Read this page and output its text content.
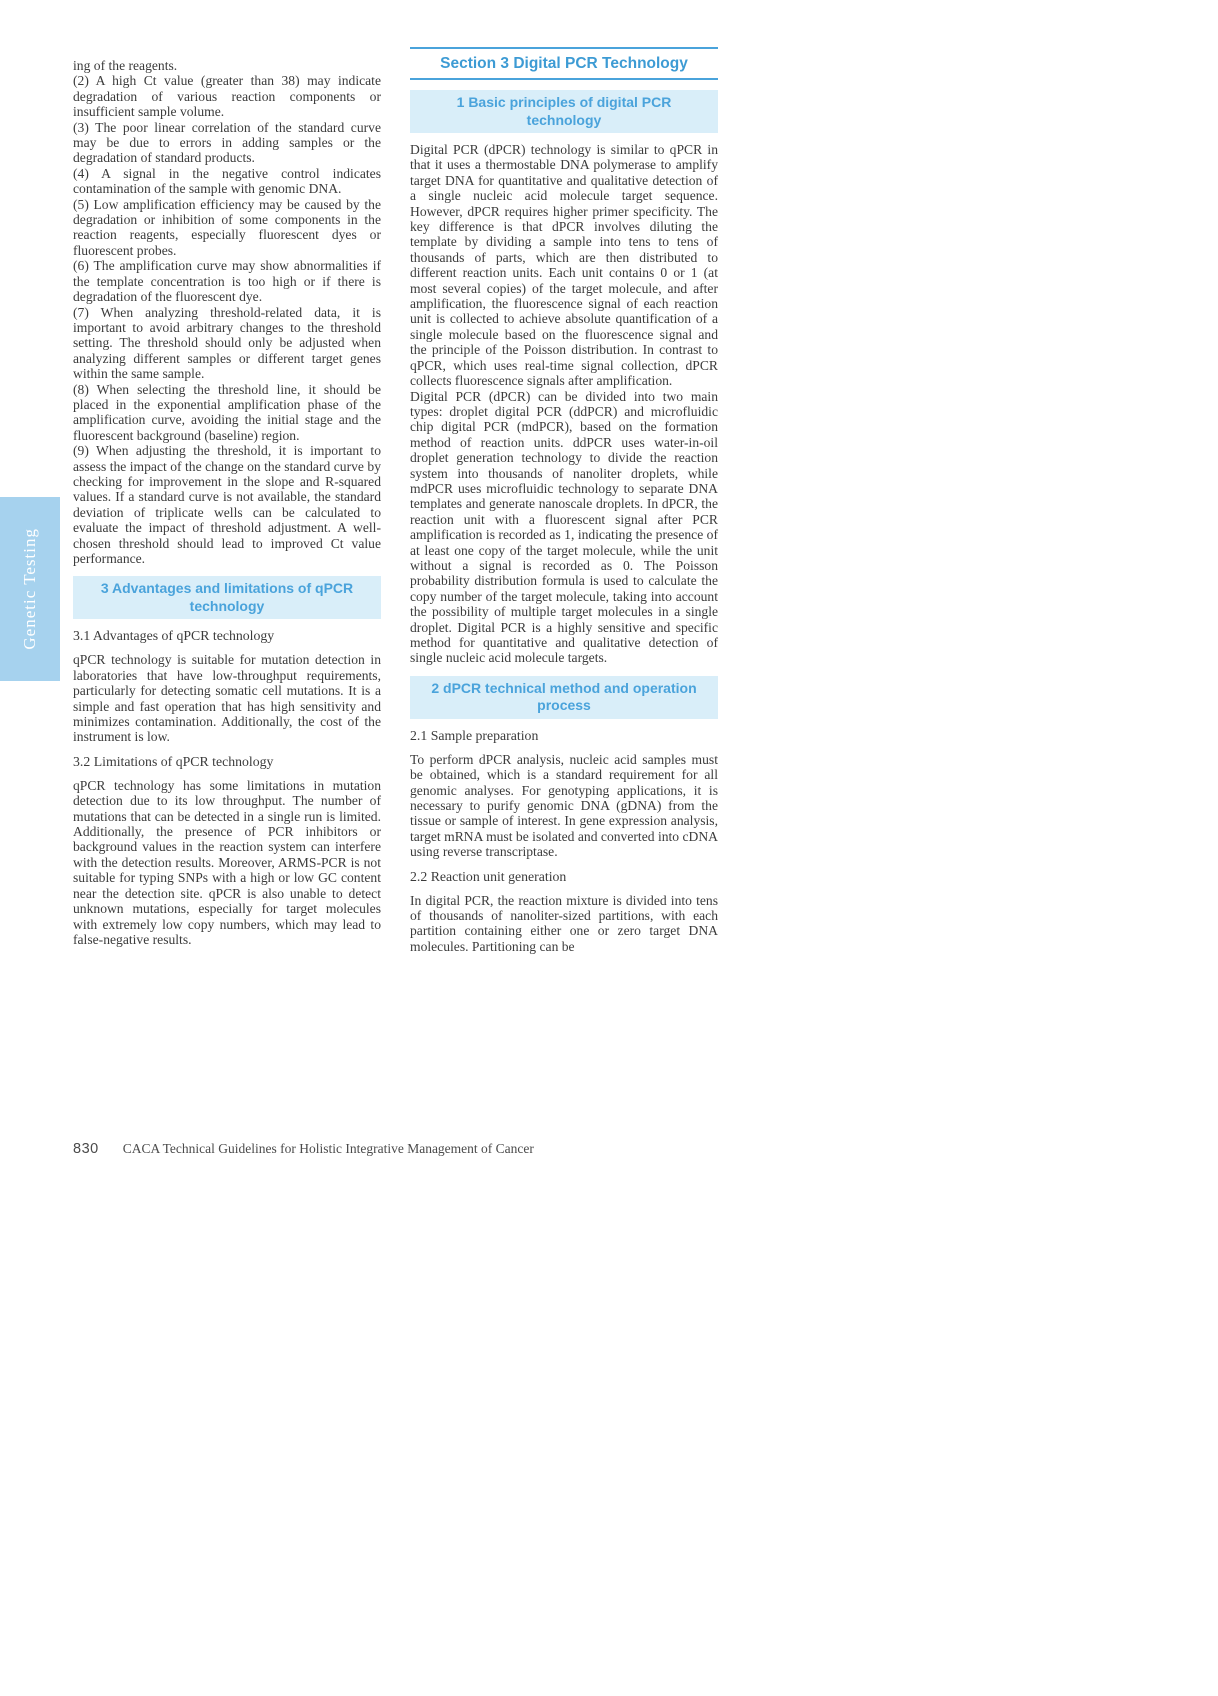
Genetic Testing

ing of the reagents.

(2) A high Ct value (greater than 38) may indicate degradation of various reaction components or insufficient sample volume.

(3) The poor linear correlation of the standard curve may be due to errors in adding samples or the degradation of standard products.

(4) A signal in the negative control indicates contamination of the sample with genomic DNA.

(5) Low amplification efficiency may be caused by the degradation or inhibition of some components in the reaction reagents, especially fluorescent dyes or fluorescent probes.

(6) The amplification curve may show abnormalities if the template concentration is too high or if there is degradation of the fluorescent dye.

(7) When analyzing threshold-related data, it is important to avoid arbitrary changes to the threshold setting. The threshold should only be adjusted when analyzing different samples or different target genes within the same sample.

(8) When selecting the threshold line, it should be placed in the exponential amplification phase of the amplification curve, avoiding the initial stage and the fluorescent background (baseline) region.

(9) When adjusting the threshold, it is important to assess the impact of the change on the standard curve by checking for improvement in the slope and R-squared values. If a standard curve is not available, the standard deviation of triplicate wells can be calculated to evaluate the impact of threshold adjustment. A well-chosen threshold should lead to improved Ct value performance.

3 Advantages and limitations of qPCR technology

3.1 Advantages of qPCR technology

qPCR technology is suitable for mutation detection in laboratories that have low-throughput requirements, particularly for detecting somatic cell mutations. It is a simple and fast operation that has high sensitivity and minimizes contamination. Additionally, the cost of the instrument is low.

3.2 Limitations of qPCR technology

qPCR technology has some limitations in mutation detection due to its low throughput. The number of mutations that can be detected in a single run is limited. Additionally, the presence of PCR inhibitors or background values in the reaction system can interfere with the detection results. Moreover, ARMS-PCR is not suitable for typing SNPs with a high or low GC content near the detection site. qPCR is also unable to detect unknown mutations, especially for target molecules with extremely low copy numbers, which may lead to false-negative results.

Section 3 Digital PCR Technology
1 Basic principles of digital PCR technology

Digital PCR (dPCR) technology is similar to qPCR in that it uses a thermostable DNA polymerase to amplify target DNA for quantitative and qualitative detection of a single nucleic acid molecule target sequence. However, dPCR requires higher primer specificity. The key difference is that dPCR involves diluting the template by dividing a sample into tens to tens of thousands of parts, which are then distributed to different reaction units. Each unit contains 0 or 1 (at most several copies) of the target molecule, and after amplification, the fluorescence signal of each reaction unit is collected to achieve absolute quantification of a single molecule based on the fluorescence signal and the principle of the Poisson distribution. In contrast to qPCR, which uses real-time signal collection, dPCR collects fluorescence signals after amplification.

Digital PCR (dPCR) can be divided into two main types: droplet digital PCR (ddPCR) and microfluidic chip digital PCR (mdPCR), based on the formation method of reaction units. ddPCR uses water-in-oil droplet generation technology to divide the reaction system into thousands of nanoliter droplets, while mdPCR uses microfluidic technology to separate DNA templates and generate nanoscale droplets. In dPCR, the reaction unit with a fluorescent signal after PCR amplification is recorded as 1, indicating the presence of at least one copy of the target molecule, while the unit without a signal is recorded as 0. The Poisson probability distribution formula is used to calculate the copy number of the target molecule, taking into account the possibility of multiple target molecules in a single droplet. Digital PCR is a highly sensitive and specific method for quantitative and qualitative detection of single nucleic acid molecule targets.

2 dPCR technical method and operation process

2.1 Sample preparation

To perform dPCR analysis, nucleic acid samples must be obtained, which is a standard requirement for all genomic analyses. For genotyping applications, it is necessary to purify genomic DNA (gDNA) from the tissue or sample of interest. In gene expression analysis, target mRNA must be isolated and converted into cDNA using reverse transcriptase.

2.2 Reaction unit generation

In digital PCR, the reaction mixture is divided into tens of thousands of nanoliter-sized partitions, with each partition containing either one or zero target DNA molecules. Partitioning can be

830 CACA Technical Guidelines for Holistic Integrative Management of Cancer
